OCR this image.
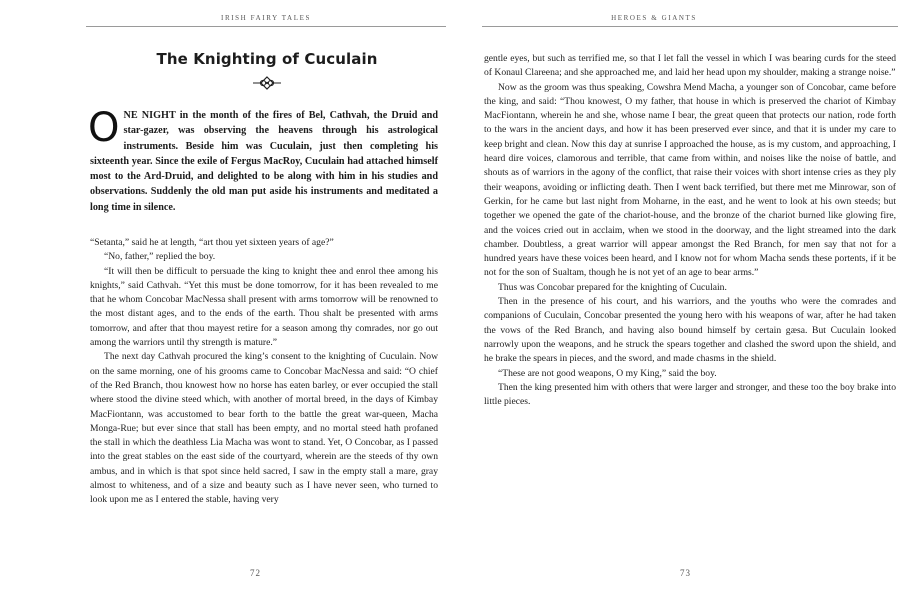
IRISH FAIRY TALES
The Knighting of Cuculain
O NE NIGHT in the month of the fires of Bel, Cathvah, the Druid and star-gazer, was observing the heavens through his astrological instruments. Beside him was Cuculain, just then completing his sixteenth year. Since the exile of Fergus MacRoy, Cuculain had attached himself most to the Ard-Druid, and delighted to be along with him in his studies and observations. Suddenly the old man put aside his instruments and meditated a long time in silence.

“Setanta,” said he at length, “art thou yet sixteen years of age?”

“No, father,” replied the boy.

“It will then be difficult to persuade the king to knight thee and enrol thee among his knights,” said Cathvah. “Yet this must be done tomorrow, for it has been revealed to me that he whom Concobar MacNessa shall present with arms tomorrow will be renowned to the most distant ages, and to the ends of the earth. Thou shalt be presented with arms tomorrow, and after that thou mayest retire for a season among thy comrades, nor go out among the warriors until thy strength is mature.”

The next day Cathvah procured the king’s consent to the knighting of Cuculain. Now on the same morning, one of his grooms came to Concobar MacNessa and said: “O chief of the Red Branch, thou knowest how no horse has eaten barley, or ever occupied the stall where stood the divine steed which, with another of mortal breed, in the days of Kimbay MacFiontann, was accustomed to bear forth to the battle the great war-queen, Macha Monga-Rue; but ever since that stall has been empty, and no mortal steed hath profaned the stall in which the deathless Lia Macha was wont to stand. Yet, O Concobar, as I passed into the great stables on the east side of the courtyard, wherein are the steeds of thy own ambus, and in which is that spot since held sacred, I saw in the empty stall a mare, gray almost to whiteness, and of a size and beauty such as I have never seen, who turned to look upon me as I entered the stable, having very

72
HEROES & GIANTS

gentle eyes, but such as terrified me, so that I let fall the vessel in which I was bearing curds for the steed of Konaul Clareena; and she approached me, and laid her head upon my shoulder, making a strange noise.”

Now as the groom was thus speaking, Cowshra Mend Macha, a younger son of Concobar, came before the king, and said: “Thou knowest, O my father, that house in which is preserved the chariot of Kimbay MacFiontann, wherein he and she, whose name I bear, the great queen that protects our nation, rode forth to the wars in the ancient days, and how it has been preserved ever since, and that it is under my care to keep bright and clean. Now this day at sunrise I approached the house, as is my custom, and approaching, I heard dire voices, clamorous and terrible, that came from within, and noises like the noise of battle, and shouts as of warriors in the agony of the conflict, that raise their voices with short intense cries as they ply their weapons, avoiding or inflicting death. Then I went back terrified, but there met me Minrowar, son of Gerkin, for he came but last night from Moharne, in the east, and he went to look at his own steeds; but together we opened the gate of the chariot-house, and the bronze of the chariot burned like glowing fire, and the voices cried out in acclaim, when we stood in the doorway, and the light streamed into the dark chamber. Doubtless, a great warrior will appear amongst the Red Branch, for men say that not for a hundred years have these voices been heard, and I know not for whom Macha sends these portents, if it be not for the son of Sualtam, though he is not yet of an age to bear arms.”

Thus was Concobar prepared for the knighting of Cuculain.

Then in the presence of his court, and his warriors, and the youths who were the comrades and companions of Cuculain, Concobar presented the young hero with his weapons of war, after he had taken the vows of the Red Branch, and having also bound himself by certain gæsa. But Cuculain looked narrowly upon the weapons, and he struck the spears together and clashed the sword upon the shield, and he brake the spears in pieces, and the sword, and made chasms in the shield.

“These are not good weapons, O my King,” said the boy.

Then the king presented him with others that were larger and stronger, and these too the boy brake into little pieces.

73
